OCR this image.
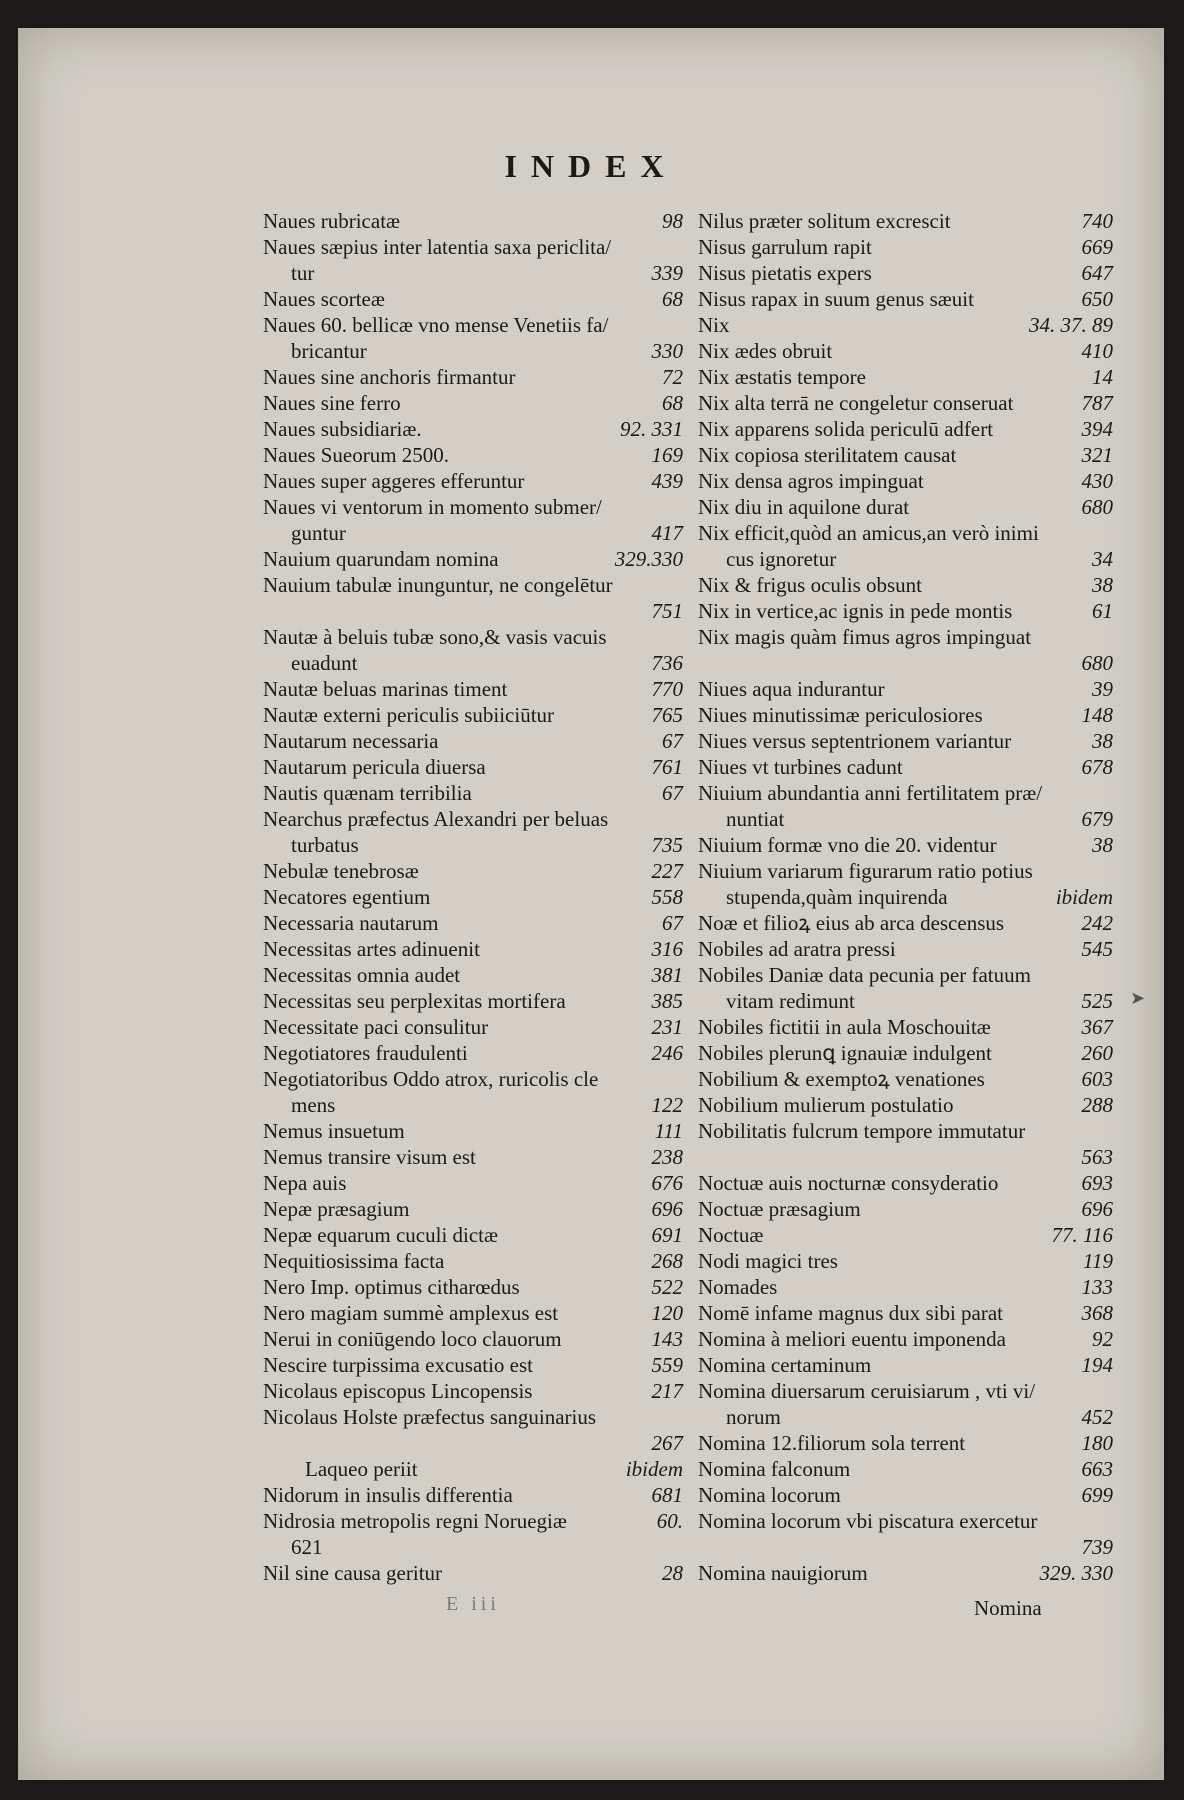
INDEX
Naues rubricatæ	98
Naues sæpius inter latentia saxa periclita/
tur	339
Naues scorteæ	68
Naues 60. bellicæ vno mense Venetiis fa/
bricantur	330
Naues sine anchoris firmantur	72
Naues sine ferro	68
Naues subsidiariæ.	92. 331
Naues Sueorum 2500.	169
Naues super aggeres efferuntur	439
Naues vi ventorum in momento submer/
guntur	417
Nauium quarundam nomina	329.330
Nauium tabulæ inunguntur, ne congelētur
751
Nautæ à beluis tubæ sono,& vasis vacuis
euadunt	736
Nautæ beluas marinas timent	770
Nautæ externi periculis subiiciūtur	765
Nautarum necessaria	67
Nautarum pericula diuersa	761
Nautis quænam terribilia	67
Nearchus præfectus Alexandri per beluas
turbatus	735
Nebulæ tenebrosæ	227
Necatores egentium	558
Necessaria nautarum	67
Necessitas artes adinuenit	316
Necessitas omnia audet	381
Necessitas seu perplexitas mortifera	385
Necessitate paci consulitur	231
Negotiatores fraudulenti	246
Negotiatoribus Oddo atrox, ruricolis cle
mens	122
Nemus insuetum	111
Nemus transire visum est	238
Nepa auis	676
Nepæ præsagium	696
Nepæ equarum cuculi dictæ	691
Nequitiosissima facta	268
Nero Imp. optimus citharœdus	522
Nero magiam summè amplexus est	120
Nerui in coniūgendo loco clauorum	143
Nescire turpissima excusatio est	559
Nicolaus episcopus Lincopensis	217
Nicolaus Holste præfectus sanguinarius
267
Laqueo periit	ibidem
Nidorum in insulis differentia	681
Nidrosia metropolis regni Noruegiæ	60.
621
Nil sine causa geritur	28
Nilus præter solitum excrescit	740
Nisus garrulum rapit	669
Nisus pietatis expers	647
Nisus rapax in suum genus sæuit	650
Nix	34. 37. 89
Nix ædes obruit	410
Nix æstatis tempore	14
Nix alta terrā ne congeletur conseruat	787
Nix apparens solida periculū adfert	394
Nix copiosa sterilitatem causat	321
Nix densa agros impinguat	430
Nix diu in aquilone durat	680
Nix efficit,quòd an amicus,an verò inimi
cus ignoretur	34
Nix & frigus oculis obsunt	38
Nix in vertice,ac ignis in pede montis	61
Nix magis quàm fimus agros impinguat
680
Niues aqua indurantur	39
Niues minutissimæ periculosiores	148
Niues versus septentrionem variantur	38
Niues vt turbines cadunt	678
Niuium abundantia anni fertilitatem præ/
nuntiat	679
Niuium formæ vno die 20. videntur	38
Niuium variarum figurarum ratio potius
stupenda,quàm inquirenda	ibidem
Noæ et filioꝝ eius ab arca descensus	242
Nobiles ad aratra pressi	545
Nobiles Daniæ data pecunia per fatuum
vitam redimunt	525
Nobiles fictitii in aula Moschouitæ	367
Nobiles plerunꝗ ignauiæ indulgent	260
Nobilium & exemptoꝝ venationes	603
Nobilium mulierum postulatio	288
Nobilitatis fulcrum tempore immutatur
563
Noctuæ auis nocturnæ consyderatio	693
Noctuæ præsagium	696
Noctuæ	77. 116
Nodi magici tres	119
Nomades	133
Nomē infame magnus dux sibi parat	368
Nomina à meliori euentu imponenda	92
Nomina certaminum	194
Nomina diuersarum ceruisiarum , vti vi/
norum	452
Nomina 12.filiorum sola terrent	180
Nomina falconum	663
Nomina locorum	699
Nomina locorum vbi piscatura exercetur
739
Nomina nauigiorum	329. 330
E iii	Nomina
➤
